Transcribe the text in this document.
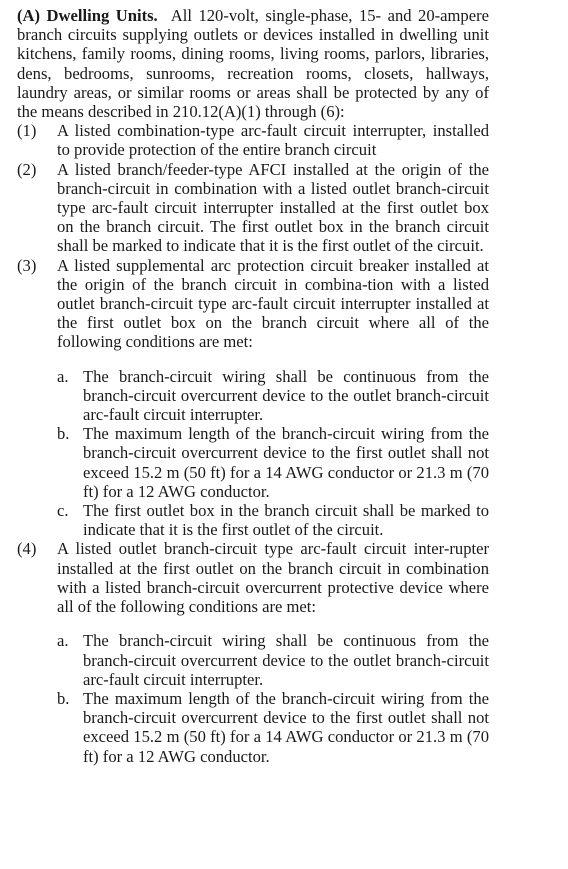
(A) Dwelling Units. All 120-volt, single-phase, 15- and 20-ampere branch circuits supplying outlets or devices installed in dwelling unit kitchens, family rooms, dining rooms, living rooms, parlors, libraries, dens, bedrooms, sunrooms, recreation rooms, closets, hallways, laundry areas, or similar rooms or areas shall be protected by any of the means described in 210.12(A)(1) through (6):

(1)	A listed combination-type arc-fault circuit interrupter, installed to provide protection of the entire branch circuit
(2)	A listed branch/feeder-type AFCI installed at the origin of the branch-circuit in combination with a listed outlet branch-circuit type arc-fault circuit interrupter installed at the first outlet box on the branch circuit. The first outlet box in the branch circuit shall be marked to indicate that it is the first outlet of the circuit.
(3)	A listed supplemental arc protection circuit breaker installed at the origin of the branch circuit in combina-tion with a listed outlet branch-circuit type arc-fault circuit interrupter installed at the first outlet box on the branch circuit where all of the following conditions are met:
a. The branch-circuit wiring shall be continuous from the branch-circuit overcurrent device to the outlet branch-circuit arc-fault circuit interrupter.
b. The maximum length of the branch-circuit wiring from the branch-circuit overcurrent device to the first outlet shall not exceed 15.2 m (50 ft) for a 14 AWG conductor or 21.3 m (70 ft) for a 12 AWG conductor.
c. The first outlet box in the branch circuit shall be marked to indicate that it is the first outlet of the circuit.
(4)	A listed outlet branch-circuit type arc-fault circuit inter-rupter installed at the first outlet on the branch circuit in combination with a listed branch-circuit overcurrent protective device where all of the following conditions are met:
a. The branch-circuit wiring shall be continuous from the branch-circuit overcurrent device to the outlet branch-circuit arc-fault circuit interrupter.
b. The maximum length of the branch-circuit wiring from the branch-circuit overcurrent device to the first outlet shall not exceed 15.2 m (50 ft) for a 14 AWG conductor or 21.3 m (70 ft) for a 12 AWG conductor.
